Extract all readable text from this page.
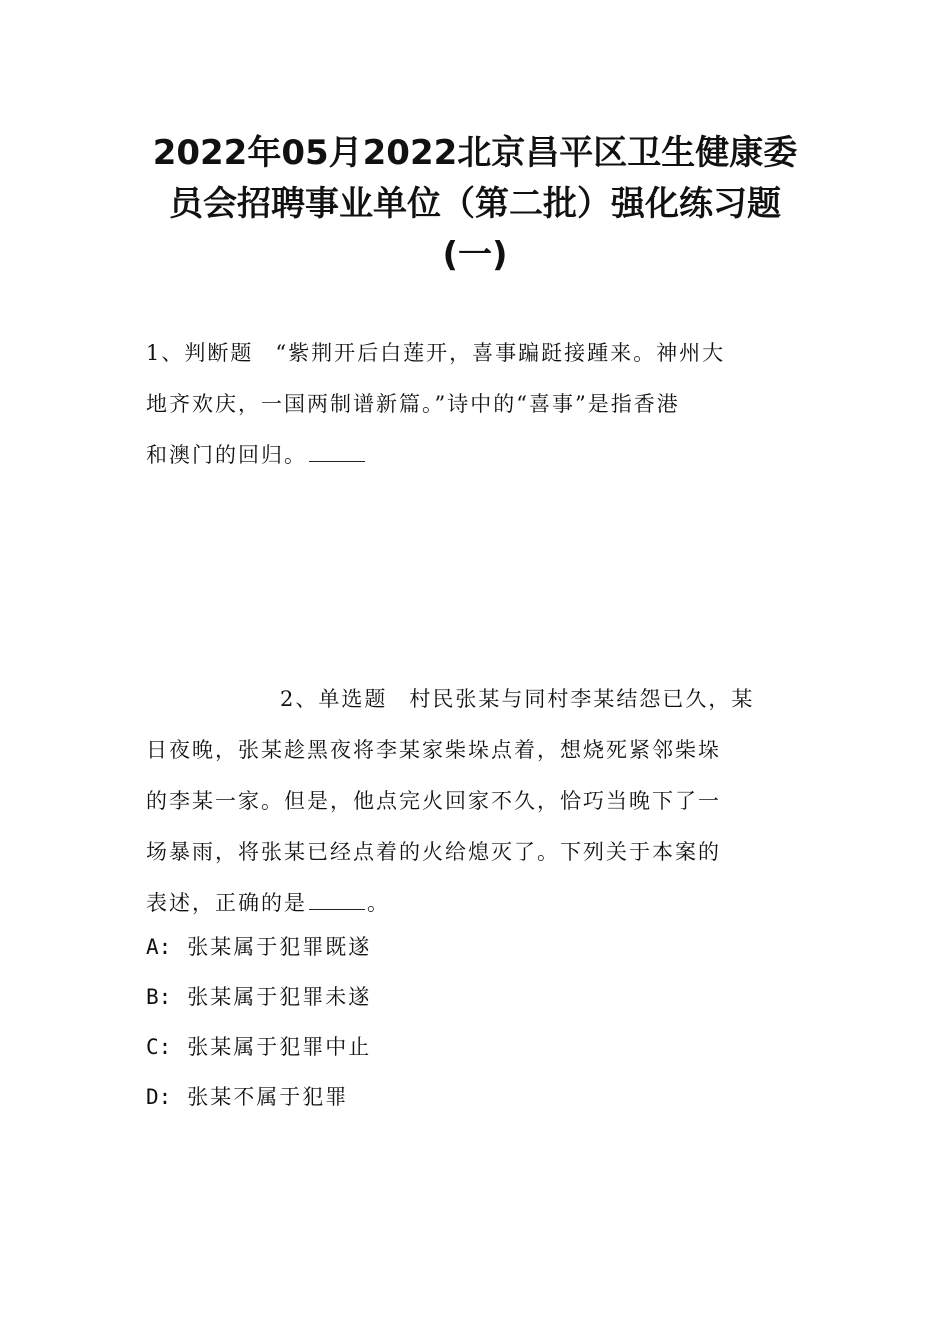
2022年05月2022北京昌平区卫生健康委
员会招聘事业单位（第二批）强化练习题
(一)
1、判断题 “紫荆开后白莲开，喜事蹁跹接踵来。神州大
地齐欢庆，一国两制谱新篇。”诗中的“喜事”是指香港
和澳门的回归。
2、单选题 村民张某与同村李某结怨已久，某
日夜晚，张某趁黑夜将李某家柴垛点着，想烧死紧邻柴垛
的李某一家。但是，他点完火回家不久，恰巧当晚下了一
场暴雨，将张某已经点着的火给熄灭了。下列关于本案的
表述，正确的是	。
A: 张某属于犯罪既遂
B: 张某属于犯罪未遂
C: 张某属于犯罪中止
D: 张某不属于犯罪
